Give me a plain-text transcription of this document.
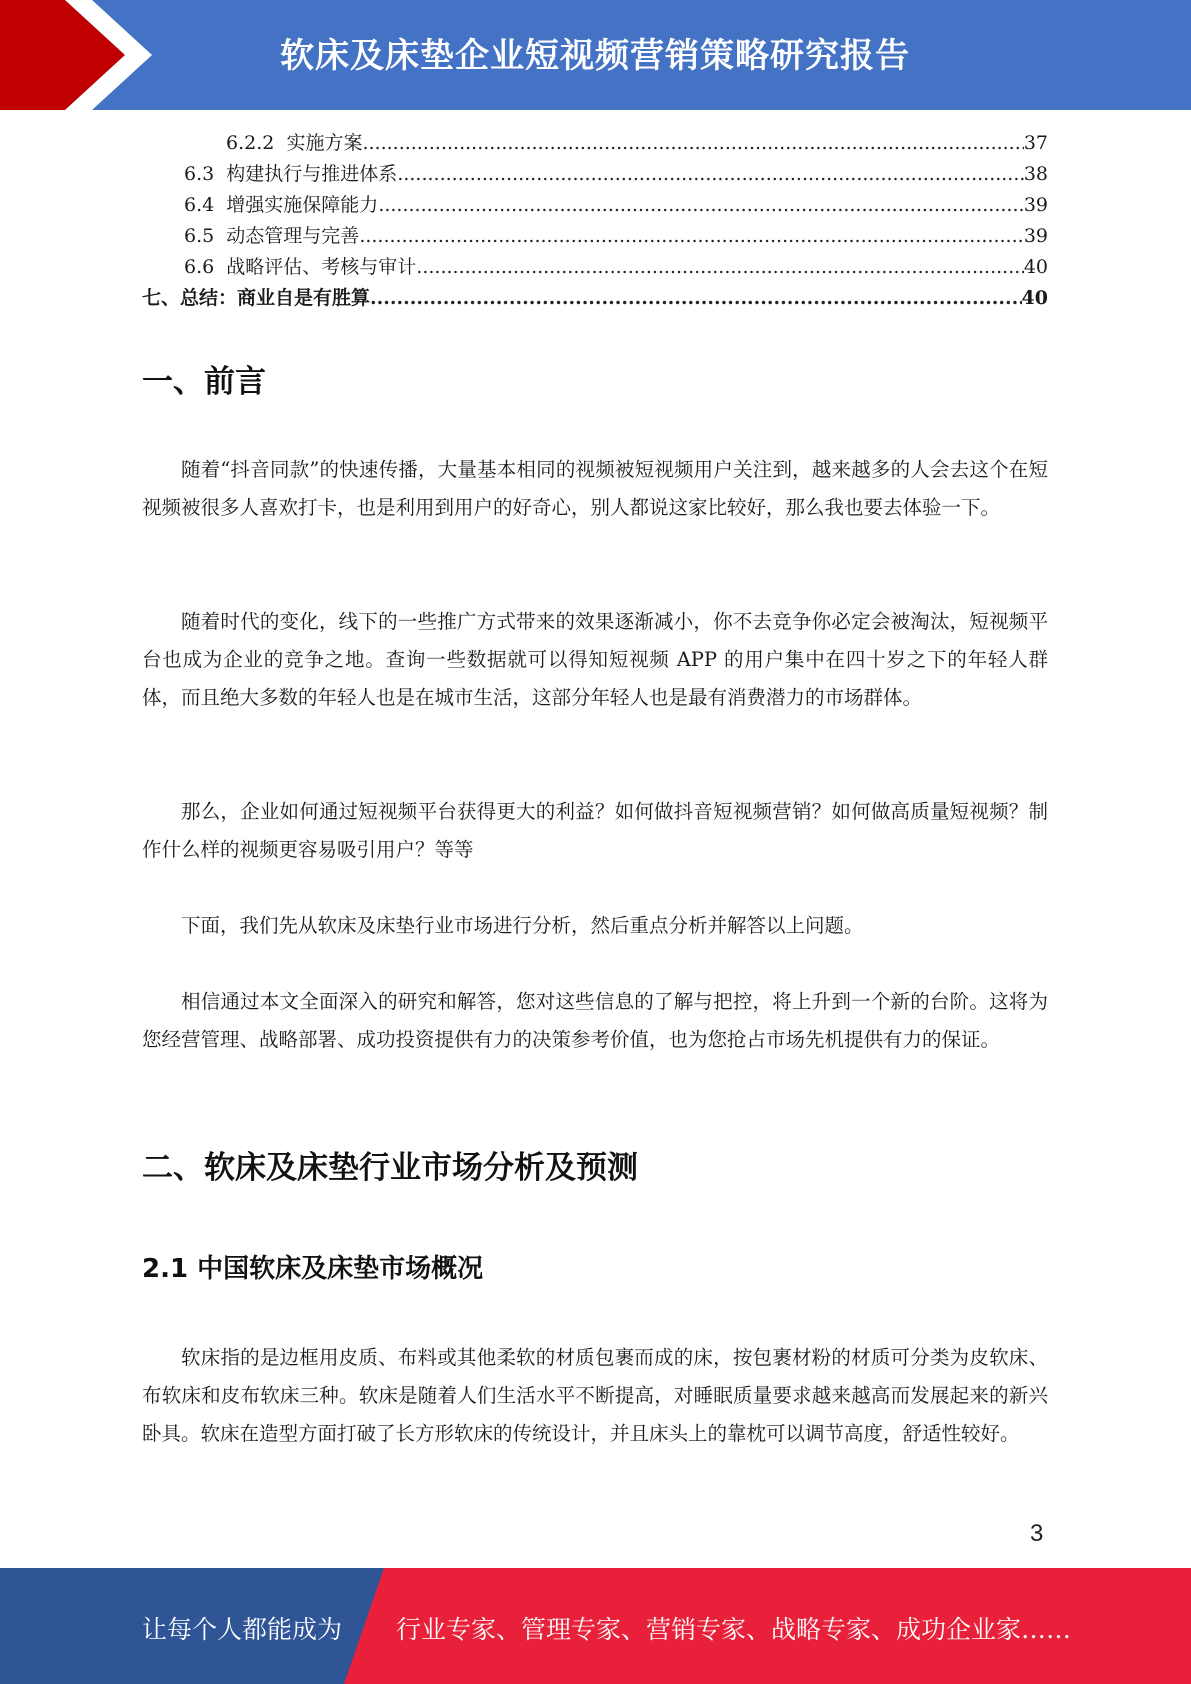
软床及床垫企业短视频营销策略研究报告
6.2.2 实施方案 .....	37
6.3 构建执行与推进体系 .....	38
6.4 增强实施保障能力 .....	39
6.5 动态管理与完善 .....	39
6.6 战略评估、考核与审计 .....	40
七、总结：商业自是有胜算 .....	40
一、前言
随着“抖音同款”的快速传播，大量基本相同的视频被短视频用户关注到，越来越多的人会去这个在短视频被很多人喜欢打卡，也是利用到用户的好奇心，别人都说这家比较好，那么我也要去体验一下。
随着时代的变化，线下的一些推广方式带来的效果逐渐减小，你不去竞争你必定会被淘汰，短视频平台也成为企业的竞争之地。查询一些数据就可以得知短视频 APP 的用户集中在四十岁之下的年轻人群体，而且绝大多数的年轻人也是在城市生活，这部分年轻人也是最有消费潜力的市场群体。
那么，企业如何通过短视频平台获得更大的利益？如何做抖音短视频营销？如何做高质量短视频？制作什么样的视频更容易吸引用户？等等
下面，我们先从软床及床垫行业市场进行分析，然后重点分析并解答以上问题。
相信通过本文全面深入的研究和解答，您对这些信息的了解与把控，将上升到一个新的台阶。这将为您经营管理、战略部署、成功投资提供有力的决策参考价值，也为您抢占市场先机提供有力的保证。
二、软床及床垫行业市场分析及预测
2.1 中国软床及床垫市场概况
软床指的是边框用皮质、布料或其他柔软的材质包裹而成的床，按包裹材粉的材质可分类为皮软床、布软床和皮布软床三种。软床是随着人们生活水平不断提高，对睡眠质量要求越来越高而发展起来的新兴卧具。软床在造型方面打破了长方形软床的传统设计，并且床头上的靠枕可以调节高度，舒适性较好。
3
让每个人都能成为 行业专家、管理专家、营销专家、战略专家、成功企业家……
